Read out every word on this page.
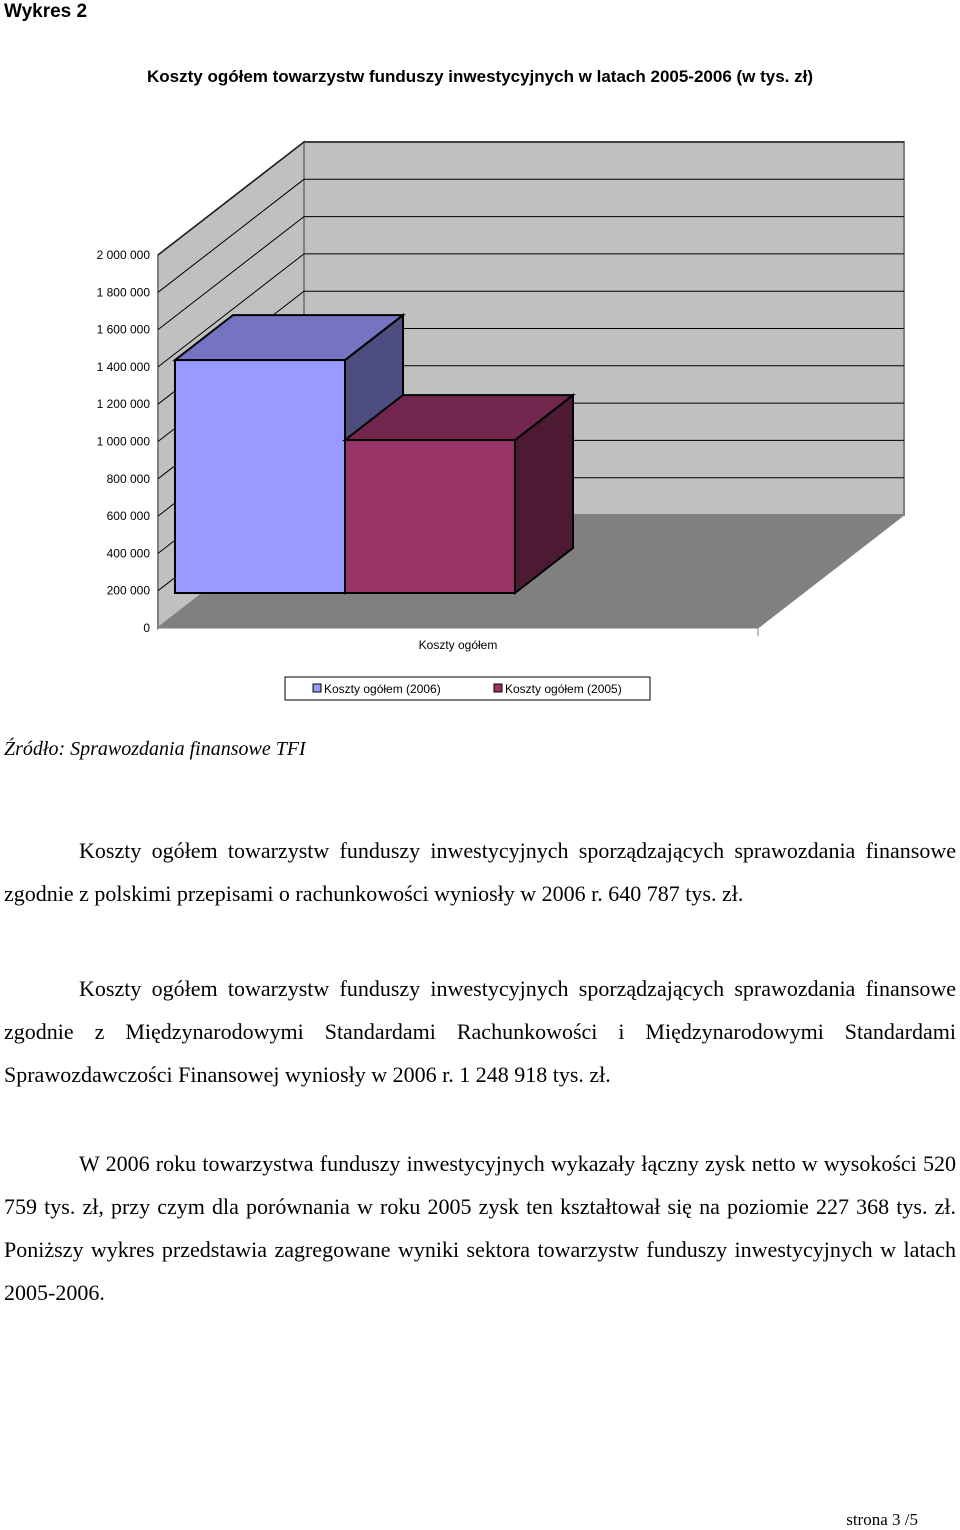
Wykres 2
Koszty ogółem towarzystw funduszy inwestycyjnych w latach 2005-2006 (w tys. zł)
0
200 000
400 000
600 000
800 000
1 000 000
1 200 000
1 400 000
1 600 000
1 800 000
2 000 000
Koszty ogółem
Koszty ogółem (2006)	Koszty ogółem (2005)
Źródło: Sprawozdania finansowe TFI

Koszty ogółem towarzystw funduszy inwestycyjnych sporządzających sprawozdania finansowe zgodnie z polskimi przepisami o rachunkowości wyniosły w 2006 r. 640 787 tys. zł.

Koszty ogółem towarzystw funduszy inwestycyjnych sporządzających sprawozdania finansowe zgodnie z Międzynarodowymi Standardami Rachunkowości i Międzynarodowymi Standardami Sprawozdawczości Finansowej wyniosły w 2006 r. 1 248 918 tys. zł.

W 2006 roku towarzystwa funduszy inwestycyjnych wykazały łączny zysk netto w wysokości 520 759 tys. zł, przy czym dla porównania w roku 2005 zysk ten kształtował się na poziomie 227 368 tys. zł. Poniższy wykres przedstawia zagregowane wyniki sektora towarzystw funduszy inwestycyjnych w latach 2005-2006.

strona 3 /5
